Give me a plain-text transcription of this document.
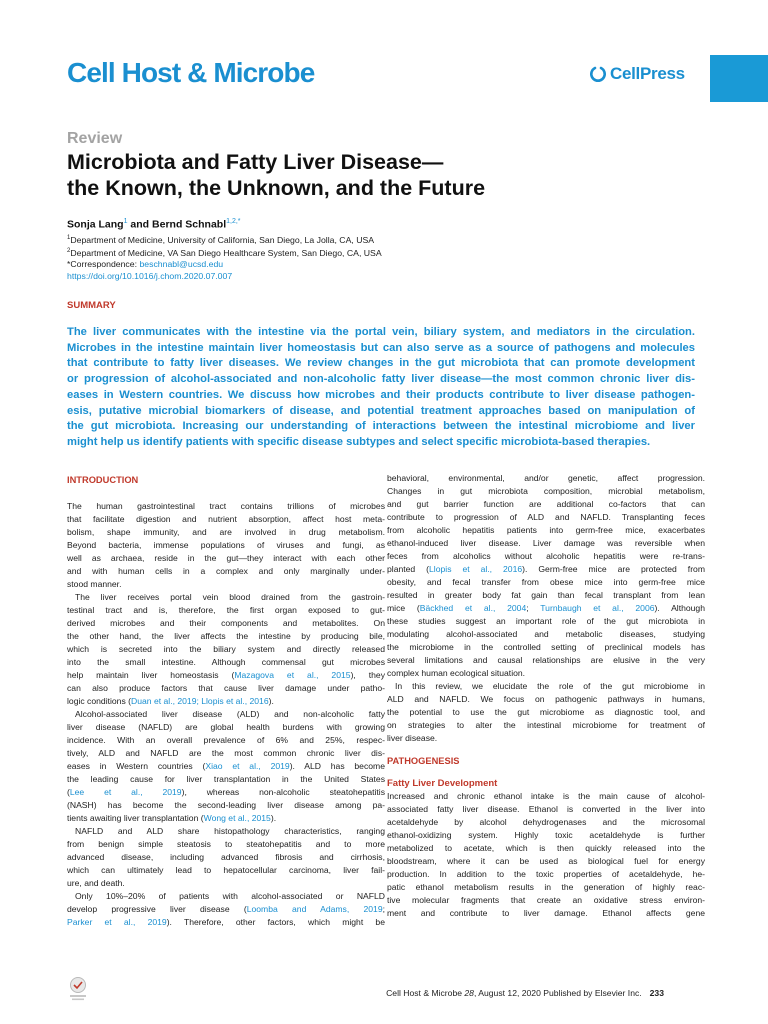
Cell Host & Microbe	CellPress
Review
Microbiota and Fatty Liver Disease—
the Known, the Unknown, and the Future

Sonja Lang$^1$ and Bernd Schnabl$^{1,2,*}$

$^1$Department of Medicine, University of California, San Diego, La Jolla, CA, USA
$^2$Department of Medicine, VA San Diego Healthcare System, San Diego, CA, USA
*Correspondence: beschnabl@ucsd.edu
https://doi.org/10.1016/j.chom.2020.07.007
SUMMARY
The liver communicates with the intestine via the portal vein, biliary system, and mediators in the circulation.
Microbes in the intestine maintain liver homeostasis but can also serve as a source of pathogens and molecules
that contribute to fatty liver diseases. We review changes in the gut microbiota that can promote development
or progression of alcohol-associated and non-alcoholic fatty liver disease—the most common chronic liver dis-
eases in Western countries. We discuss how microbes and their products contribute to liver disease pathogen-
esis, putative microbial biomarkers of disease, and potential treatment approaches based on manipulation of
the gut microbiota. Increasing our understanding of interactions between the intestinal microbiome and liver
might help us identify patients with specific disease subtypes and select specific microbiota-based therapies.
INTRODUCTION

The human gastrointestinal tract contains trillions of microbes

that facilitate digestion and nutrient absorption, affect host meta-

bolism, shape immunity, and are involved in drug metabolism.

Beyond bacteria, immense populations of viruses and fungi, as

well as archaea, reside in the gut—they interact with each other

and with human cells in a complex and only marginally under-

stood manner.

The liver receives portal vein blood drained from the gastroin-

testinal tract and is, therefore, the first organ exposed to gut-

derived microbes and their components and metabolites. On

the other hand, the liver affects the intestine by producing bile,

which is secreted into the biliary system and directly released

into the small intestine. Although commensal gut microbes

help maintain liver homeostasis (Mazagova et al., 2015), they

can also produce factors that cause liver damage under patho-

logic conditions (Duan et al., 2019; Llopis et al., 2016).

Alcohol-associated liver disease (ALD) and non-alcoholic fatty

liver disease (NAFLD) are global health burdens with growing

incidence. With an overall prevalence of 6% and 25%, respec-

tively, ALD and NAFLD are the most common chronic liver dis-

eases in Western countries (Xiao et al., 2019). ALD has become

the leading cause for liver transplantation in the United States

(Lee et al., 2019), whereas non-alcoholic steatohepatitis

(NASH) has become the second-leading liver disease among pa-

tients awaiting liver transplantation (Wong et al., 2015).

NAFLD and ALD share histopathology characteristics, ranging

from benign simple steatosis to steatohepatitis and to more

advanced disease, including advanced fibrosis and cirrhosis,

which can ultimately lead to hepatocellular carcinoma, liver fail-

ure, and death.

Only 10%–20% of patients with alcohol-associated or NAFLD

develop progressive liver disease (Loomba and Adams, 2019;

Parker et al., 2019). Therefore, other factors, which might be

behavioral, environmental, and/or genetic, affect progression.

Changes in gut microbiota composition, microbial metabolism,

and gut barrier function are additional co-factors that can

contribute to progression of ALD and NAFLD. Transplanting feces

from alcoholic hepatitis patients into germ-free mice, exacerbates

ethanol-induced liver disease. Liver damage was reversible when

feces from alcoholics without alcoholic hepatitis were re-trans-

planted (Llopis et al., 2016). Germ-free mice are protected from

obesity, and fecal transfer from obese mice into germ-free mice

resulted in greater body fat gain than fecal transplant from lean

mice (Bäckhed et al., 2004; Turnbaugh et al., 2006). Although

these studies suggest an important role of the gut microbiota in

modulating alcohol-associated and metabolic diseases, studying

the microbiome in the controlled setting of preclinical models has

several limitations and causal relationships are elusive in the very

complex human ecological situation.

In this review, we elucidate the role of the gut microbiome in

ALD and NAFLD. We focus on pathogenic pathways in humans,

the potential to use the gut microbiome as diagnostic tool, and

on strategies to alter the intestinal microbiome for treatment of

liver disease.

PATHOGENESIS
Fatty Liver Development

Increased and chronic ethanol intake is the main cause of alcohol-

associated fatty liver disease. Ethanol is converted in the liver into

acetaldehyde by alcohol dehydrogenases and the microsomal

ethanol-oxidizing system. Highly toxic acetaldehyde is further

metabolized to acetate, which is then quickly released into the

bloodstream, where it can be used as biological fuel for energy

production. In addition to the toxic properties of acetaldehyde, he-

patic ethanol metabolism results in the generation of highly reac-

tive molecular fragments that create an oxidative stress environ-

ment and contribute to liver damage. Ethanol affects gene

Cell Host & Microbe 28, August 12, 2020 Published by Elsevier Inc. 233
